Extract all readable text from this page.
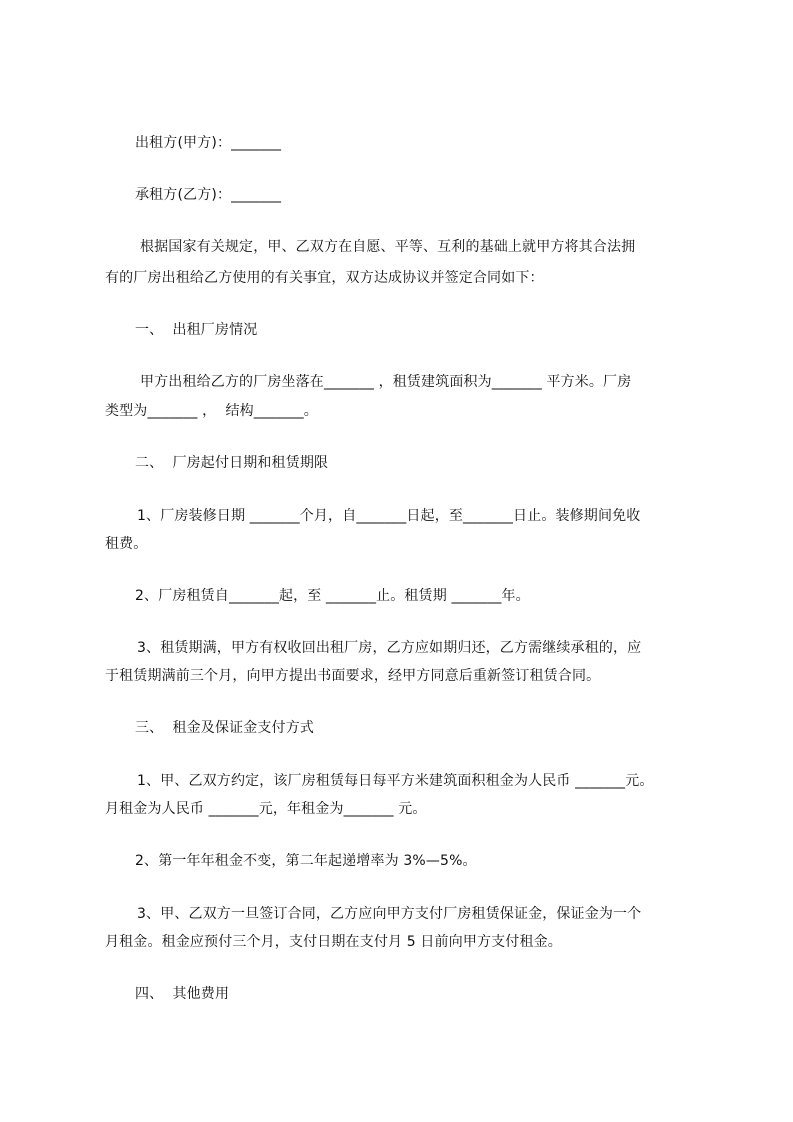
出租方(甲方)：_______
承租方(乙方)：_______
根据国家有关规定，甲、乙双方在自愿、平等、互利的基础上就甲方将其合法拥
有的厂房出租给乙方使用的有关事宜，双方达成协议并签定合同如下：
一、  出租厂房情况
甲方出租给乙方的厂房坐落在_______ ，租赁建筑面积为_______ 平方米。厂房
类型为_______ ，  结构_______。
二、  厂房起付日期和租赁期限
1、厂房装修日期 _______个月，自_______日起，至_______日止。装修期间免收
租费。
2、厂房租赁自_______起，至 _______止。租赁期 _______年。
3、租赁期满，甲方有权收回出租厂房，乙方应如期归还，乙方需继续承租的，应
于租赁期满前三个月，向甲方提出书面要求，经甲方同意后重新签订租赁合同。
三、  租金及保证金支付方式
1、甲、乙双方约定，该厂房租赁每日每平方米建筑面积租金为人民币 _______元。
月租金为人民币 _______元，年租金为_______ 元。
2、第一年年租金不变，第二年起递增率为 3%—5%。
3、甲、乙双方一旦签订合同，乙方应向甲方支付厂房租赁保证金，保证金为一个
月租金。租金应预付三个月，支付日期在支付月 5 日前向甲方支付租金。
四、  其他费用
